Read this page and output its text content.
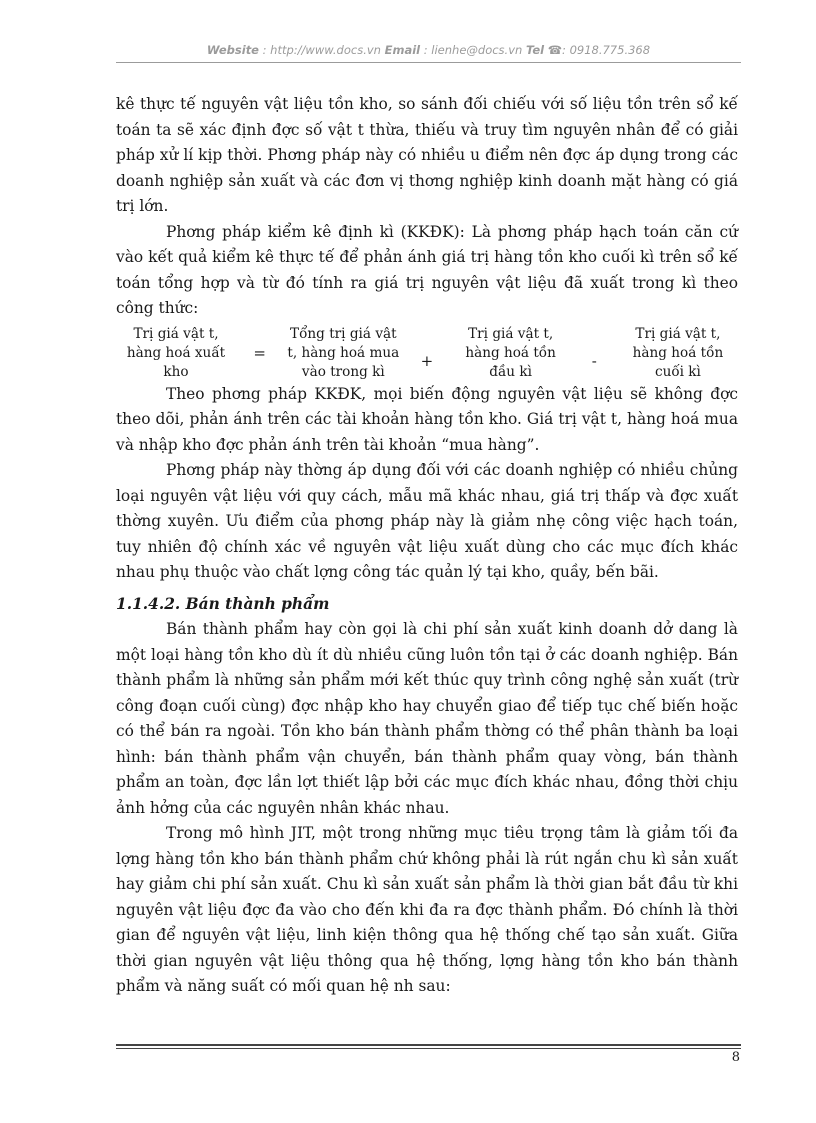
Website : http://www.docs.vn Email : lienhe@docs.vn Tel ☎: 0918.775.368

kê thực tế nguyên vật liệu tồn kho, so sánh đối chiếu với số liệu tồn trên sổ kế toán ta sẽ xác định đợc số vật t thừa, thiếu và truy tìm nguyên nhân để có giải pháp xử lí kịp thời. Phơng pháp này có nhiều u điểm nên đợc áp dụng trong các doanh nghiệp sản xuất và các đơn vị thơng nghiệp kinh doanh mặt hàng có giá trị lớn.

Phơng pháp kiểm kê định kì (KKĐK): Là phơng pháp hạch toán căn cứ vào kết quả kiểm kê thực tế để phản ánh giá trị hàng tồn kho cuối kì trên sổ kế toán tổng hợp và từ đó tính ra giá trị nguyên vật liệu đã xuất trong kì theo công thức:

Trị giá vật t, hàng hoá xuất kho
=
Tổng trị giá vật t, hàng hoá mua vào trong kì
+
Trị giá vật t, hàng hoá tồn đầu kì
-
Trị giá vật t, hàng hoá tồn cuối kì

Theo phơng pháp KKĐK, mọi biến động nguyên vật liệu sẽ không đợc theo dõi, phản ánh trên các tài khoản hàng tồn kho. Giá trị vật t, hàng hoá mua và nhập kho đợc phản ánh trên tài khoản “mua hàng”.

Phơng pháp này thờng áp dụng đối với các doanh nghiệp có nhiều chủng loại nguyên vật liệu với quy cách, mẫu mã khác nhau, giá trị thấp và đợc xuất thờng xuyên. Ưu điểm của phơng pháp này là giảm nhẹ công việc hạch toán, tuy nhiên độ chính xác về nguyên vật liệu xuất dùng cho các mục đích khác nhau phụ thuộc vào chất lợng công tác quản lý tại kho, quầy, bến bãi.

1.1.4.2. Bán thành phẩm

Bán thành phẩm hay còn gọi là chi phí sản xuất kinh doanh dở dang là một loại hàng tồn kho dù ít dù nhiều cũng luôn tồn tại ở các doanh nghiệp. Bán thành phẩm là những sản phẩm mới kết thúc quy trình công nghệ sản xuất (trừ công đoạn cuối cùng) đợc nhập kho hay chuyển giao để tiếp tục chế biến hoặc có thể bán ra ngoài. Tồn kho bán thành phẩm thờng có thể phân thành ba loại hình: bán thành phẩm vận chuyển, bán thành phẩm quay vòng, bán thành phẩm an toàn, đợc lần lợt thiết lập bởi các mục đích khác nhau, đồng thời chịu ảnh hởng của các nguyên nhân khác nhau.

Trong mô hình JIT, một trong những mục tiêu trọng tâm là giảm tối đa lợng hàng tồn kho bán thành phẩm chứ không phải là rút ngắn chu kì sản xuất hay giảm chi phí sản xuất. Chu kì sản xuất sản phẩm là thời gian bắt đầu từ khi nguyên vật liệu đợc đa vào cho đến khi đa ra đợc thành phẩm. Đó chính là thời gian để nguyên vật liệu, linh kiện thông qua hệ thống chế tạo sản xuất. Giữa thời gian nguyên vật liệu thông qua hệ thống, lợng hàng tồn kho bán thành phẩm và năng suất có mối quan hệ nh sau:

8
